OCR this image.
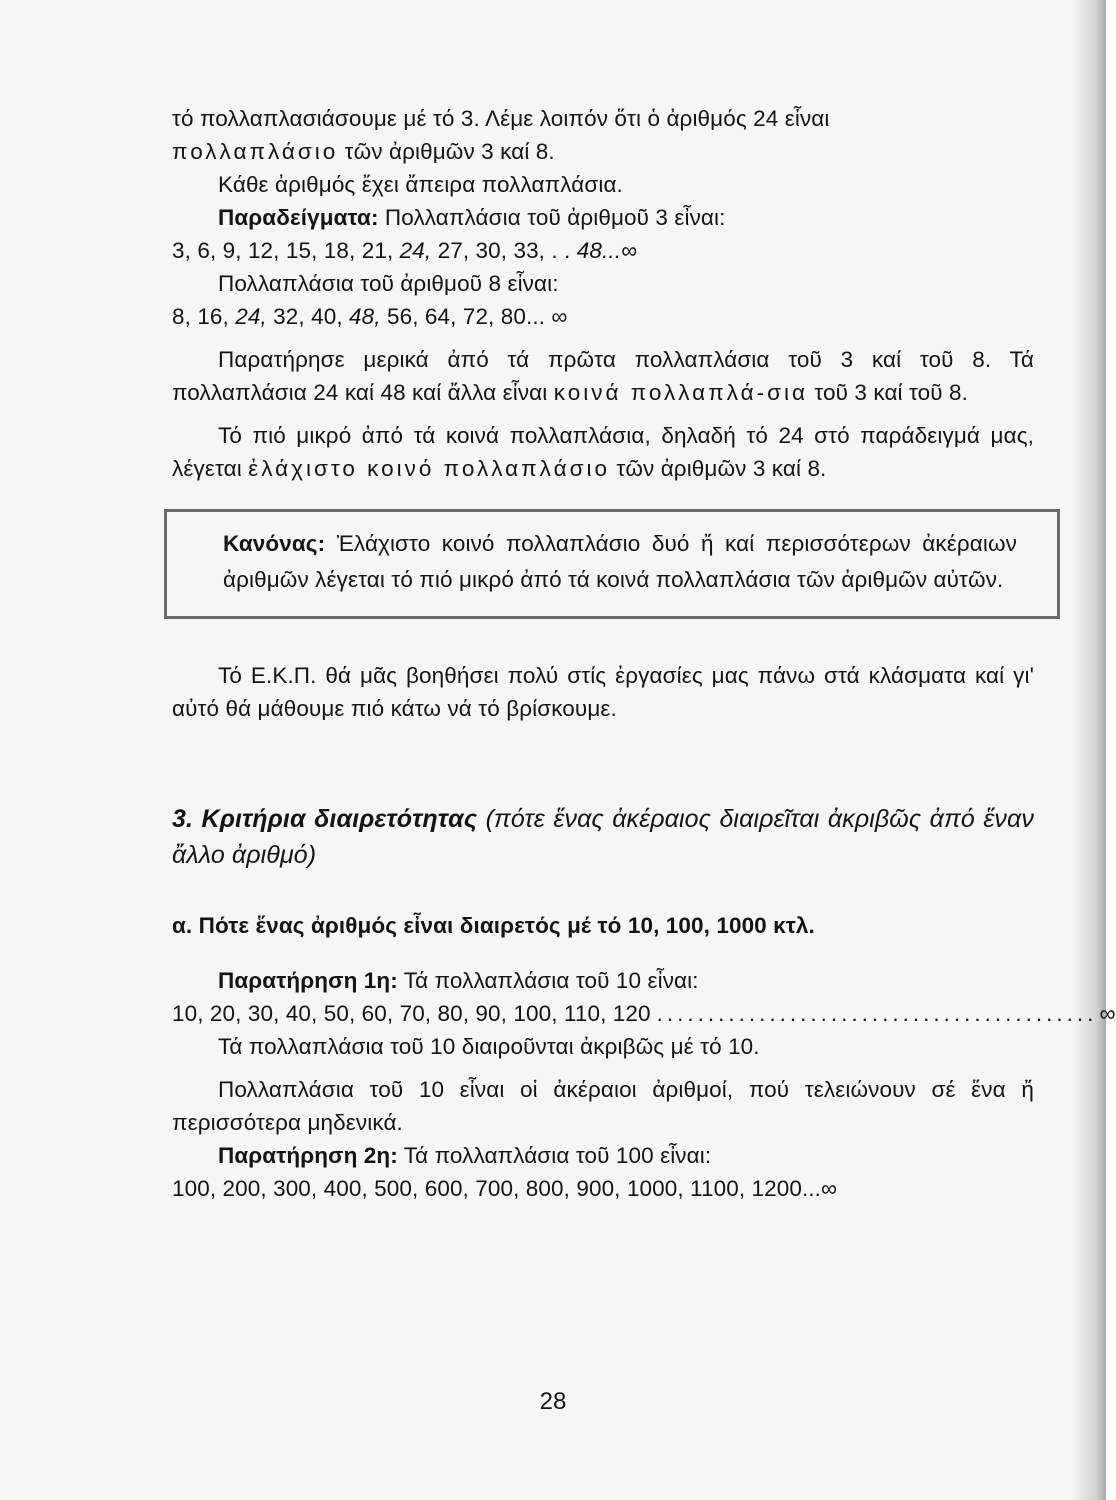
τό πολλαπλασιάσουμε μέ τό 3. Λέμε λοιπόν ὅτι ὁ ἀριθμός 24 εἶναι

πολλαπλάσιο τῶν ἀριθμῶν 3 καί 8.

Κάθε ἀριθμός ἔχει ἄπειρα πολλαπλάσια.

Παραδείγματα: Πολλαπλάσια τοῦ ἀριθμοῦ 3 εἶναι:

3, 6, 9, 12, 15, 18, 21, 24, 27, 30, 33, . . 48...∞

Πολλαπλάσια τοῦ ἀριθμοῦ 8 εἶναι:

8, 16, 24, 32, 40, 48, 56, 64, 72, 80... ∞

Παρατήρησε μερικά ἀπό τά πρῶτα πολλαπλάσια τοῦ 3 καί τοῦ 8. Τά πολλαπλάσια 24 καί 48 καί ἄλλα εἶναι κοινά πολλαπλά-σια τοῦ 3 καί τοῦ 8.

Τό πιό μικρό ἀπό τά κοινά πολλαπλάσια, δηλαδή τό 24 στό παράδειγμά μας, λέγεται ἐλάχιστο κοινό πολλαπλάσιο τῶν ἀριθμῶν 3 καί 8.

Κανόνας: Ἐλάχιστο κοινό πολλαπλάσιο δυό ἤ καί περισσότερων ἀκέραιων ἀριθμῶν λέγεται τό πιό μικρό ἀπό τά κοινά πολλαπλάσια τῶν ἀριθμῶν αὐτῶν.

Τό Ε.Κ.Π. θά μᾶς βοηθήσει πολύ στίς ἐργασίες μας πάνω στά κλάσματα καί γι' αὐτό θά μάθουμε πιό κάτω νά τό βρίσκουμε.

3. Κριτήρια διαιρετότητας (πότε ἕνας ἀκέραιος διαιρεῖται ἀκριβῶς ἀπό ἕναν ἄλλο ἀριθμό)

α. Πότε ἕνας ἀριθμός εἶναι διαιρετός μέ τό 10, 100, 1000 κτλ.

Παρατήρηση 1η: Τά πολλαπλάσια τοῦ 10 εἶναι:

10, 20, 30, 40, 50, 60, 70, 80, 90, 100, 110, 120 ........................................... ∞

Τά πολλαπλάσια τοῦ 10 διαιροῦνται ἀκριβῶς μέ τό 10.

Πολλαπλάσια τοῦ 10 εἶναι οἱ ἀκέραιοι ἀριθμοί, πού τελειώνουν σέ ἕνα ἤ περισσότερα μηδενικά.

Παρατήρηση 2η: Τά πολλαπλάσια τοῦ 100 εἶναι:

100, 200, 300, 400, 500, 600, 700, 800, 900, 1000, 1100, 1200...∞

28
